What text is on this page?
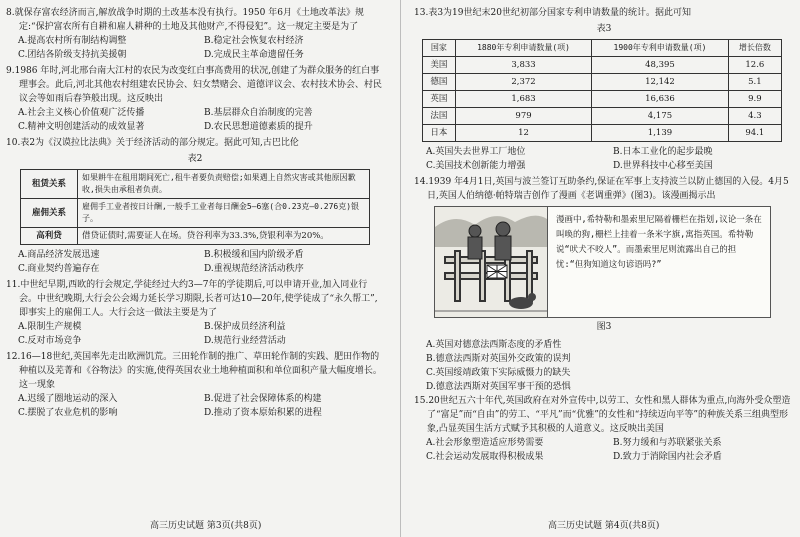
8.就保存富农经济而言,解放战争时期的土改基本没有执行。1950 年6月《土地改革法》规定:“保护富农所有自耕和雇人耕种的土地及其他财产,不得侵犯”。这一规定主要是为了

A.提高农村所有制结构调整	B.稳定社会恢复农村经济
C.团结各阶级支持抗美援朝	D.完成民主革命遗留任务

9.1986 年时,河北邢台南大江村的农民为改变红白事高费用的状况,创建了为群众服务的红白事理事会。此后,河北其他农村组建农民协会、妇女禁赌会、道德评议会、农村技术协会、村民议会等如雨后春笋般出现。这反映出

A.社会主义核心价值观广泛传播	B.基层群众自治制度的完善
C.精神文明创建活动的成效显著	D.农民思想道德素质的提升

10.表2为《汉谟拉比法典》关于经济活动的部分规定。据此可知,古巴比伦

表2
租赁关系	如果耕牛在租用期间死亡,租牛者要负责赔偿;如果遇上自然灾害或其他原因歉收,损失由承租者负责。
雇佣关系	雇佣手工业者按日计酬,一般手工业者每日酬金5—6塞(合0.23克—0.276克)银子。
高利贷	借贷证债时,需要证人在场。贷谷利率为33.3%,贷银利率为20%。
A.商品经济发展迅速	B.积极缓和国内阶级矛盾
C.商业契约普遍存在	D.重视规范经济活动秩序

11.中世纪早期,西欧的行会规定,学徒经过大约3—7年的学徒期后,可以申请开业,加入同业行会。中世纪晚期,大行会公会竭力延长学习期限,长者可达10—20年,使学徒成了“永久帮工”,即事实上的雇佣工人。大行会这一做法主要是为了

A.限制生产规模	B.保护成员经济利益
C.反对市场竞争	D.规范行业经营活动

12.16—18世纪,英国率先走出欧洲饥荒。三田轮作制的推广、草田轮作制的实践、肥田作物的种植以及芜菁和《谷物法》的实施,使得英国农业土地种植面积和单位面积产量大幅度增长。这一现象

A.迟缓了圈地运动的深入	B.促进了社会保障体系的构建
C.摆脱了农业危机的影响	D.推动了资本原始积累的进程

13.表3为19世纪末20世纪初部分国家专利申请数量的统计。据此可知

表3
国家	1880年专利申请数量(项)	1900年专利申请数量(项)	增长倍数
美国	3,833	48,395	12.6
德国	2,372	12,142	5.1
英国	1,683	16,636	9.9
法国	979	4,175	4.3
日本	12	1,139	94.1
A.英国失去世界工厂地位	B.日本工业化的起步最晚
C.美国技术创新能力增强	D.世界科技中心移至美国

14.1939 年4月1日,英国与波兰签订互助条约,保证在军事上支持波兰以防止德国的入侵。4月5日,英国人伯纳德·帕特瑞吉创作了漫画《老调重弹》(图3)。该漫画揭示出

漫画中,希特勒和墨索里尼隔着栅栏在指划,议论一条在叫唤的狗,栅栏上挂着一条米字旗,寓指英国。希特勒说“吠犬不咬人”。而墨索里尼则流露出自己的担忧:“但狗知道这句谚语吗?”
图3
A.英国对德意法西斯态度的矛盾性
B.德意法西斯对英国外交政策的误判
C.英国绥靖政策下实际威慑力的缺失
D.德意法西斯对英国军事干预的恐惧

15.20世纪五六十年代,英国政府在对外宣传中,以劳工、女性和黑人群体为重点,向海外受众塑造了“富足”而“自由”的劳工、“平凡”而“优雅”的女性和“持续迈向平等”的种族关系三组典型形象,凸显英国生活方式赋予其积极的人道意义。这反映出美国

A.社会形象塑造适应形势需要	B.努力缓和与苏联紧张关系
C.社会运动发展取得积极成果	D.致力于消除国内社会矛盾
高三历史试题 第3页(共8页)	高三历史试题 第4页(共8页)
